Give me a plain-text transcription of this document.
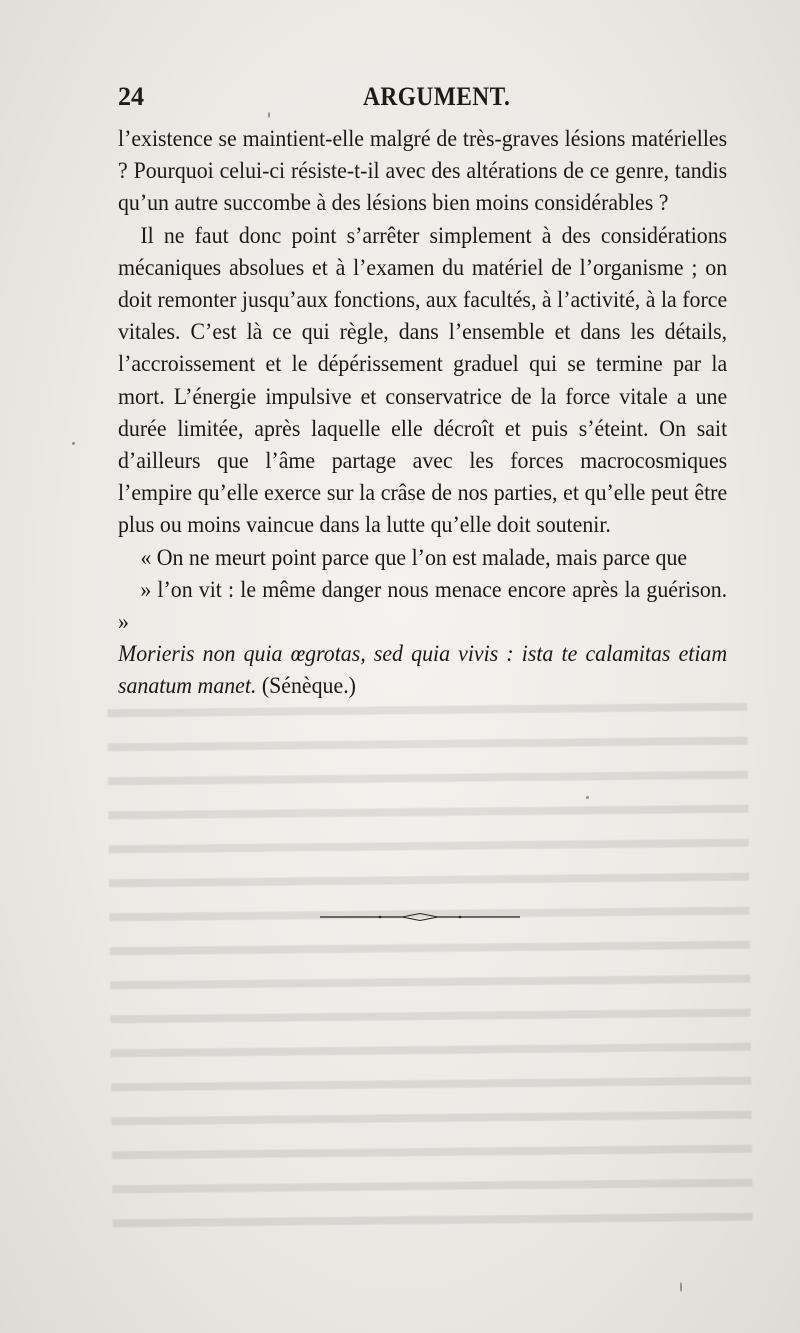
24	ARGUMENT.

l’existence se maintient-elle malgré de très-graves lésions matérielles ? Pourquoi celui-ci résiste-t-il avec des altérations de ce genre, tandis qu’un autre succombe à des lésions bien moins considérables ?

Il ne faut donc point s’arrêter simplement à des considérations mécaniques absolues et à l’examen du matériel de l’organisme ; on doit remonter jusqu’aux fonctions, aux facultés, à l’activité, à la force vitales. C’est là ce qui règle, dans l’ensemble et dans les détails, l’accroissement et le dépérissement graduel qui se termine par la mort. L’énergie impulsive et conservatrice de la force vitale a une durée limitée, après laquelle elle décroît et puis s’éteint. On sait d’ailleurs que l’âme partage avec les forces macrocosmiques l’empire qu’elle exerce sur la crâse de nos parties, et qu’elle peut être plus ou moins vaincue dans la lutte qu’elle doit soutenir.
« On ne meurt point parce que l’on est malade, mais parce que
» l’on vit : le même danger nous menace encore après la guérison. »
Morieris non quia œgrotas, sed quia vivis : ista te calamitas etiam sanatum manet. (Sénèque.)
